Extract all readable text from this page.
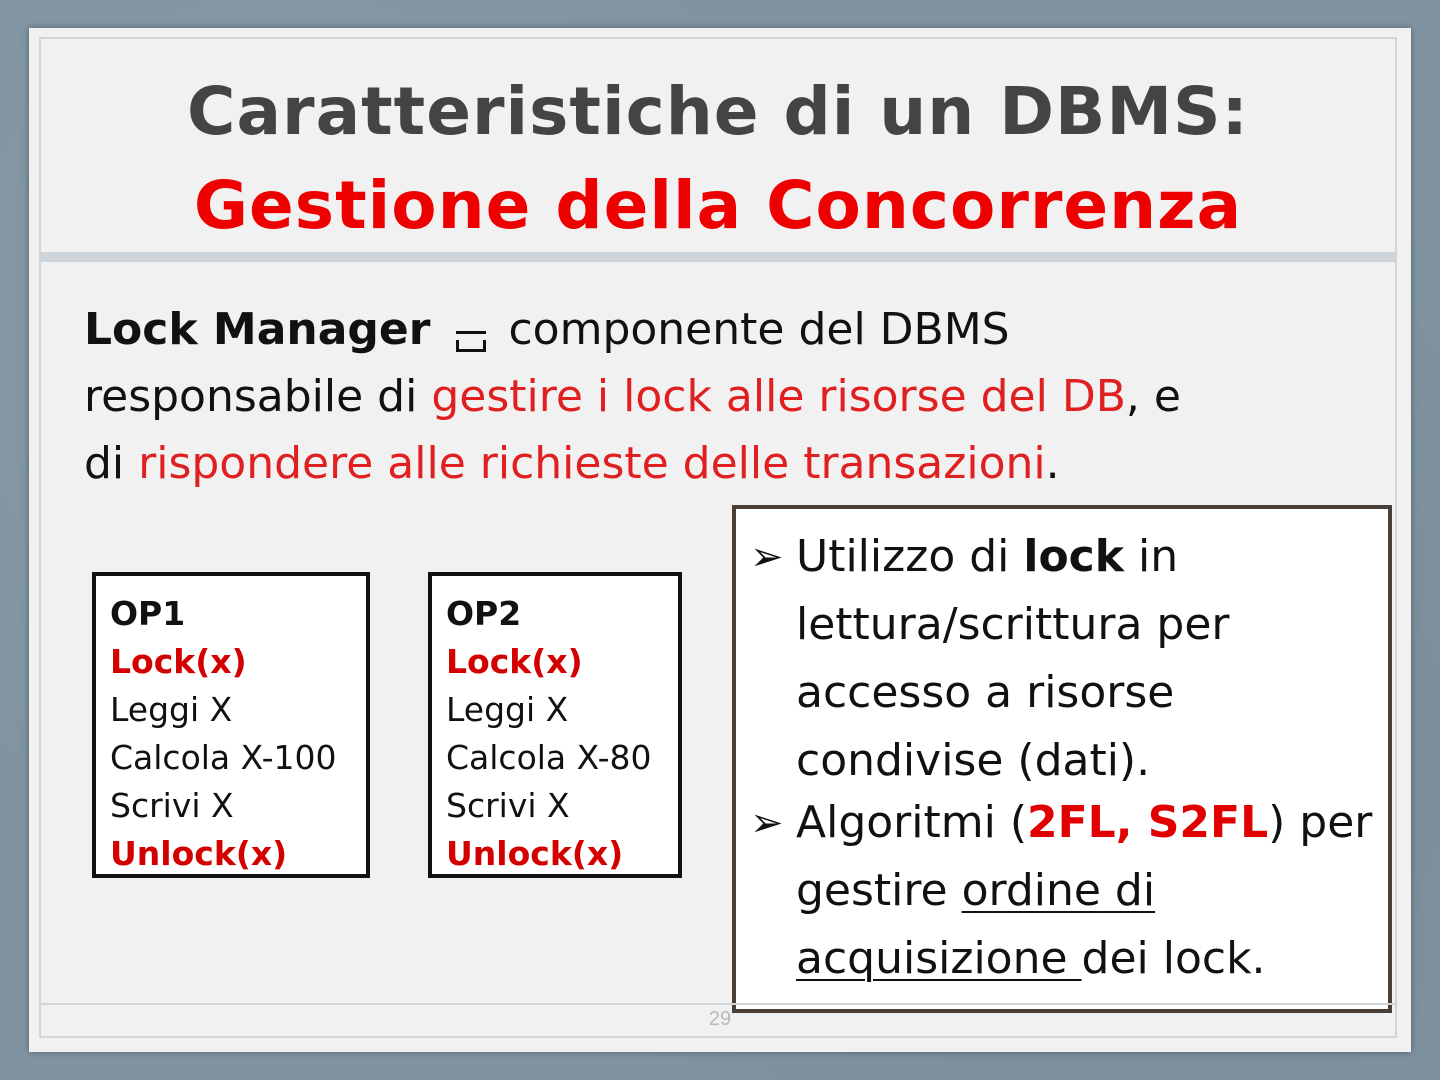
Caratteristiche di un DBMS:
Gestione della Concorrenza
Lock Manager componente del DBMS
responsabile di gestire i lock alle risorse del DB, e
di rispondere alle richieste delle transazioni.
OP1
Lock(x)
Leggi X
Calcola X-100
Scrivi X
Unlock(x)
OP2
Lock(x)
Leggi X
Calcola X-80
Scrivi X
Unlock(x)
➢ Utilizzo di lock in lettura/scrittura per accesso a risorse condivise (dati).
➢ Algoritmi (2FL, S2FL) per gestire ordine di acquisizione dei lock.
29
